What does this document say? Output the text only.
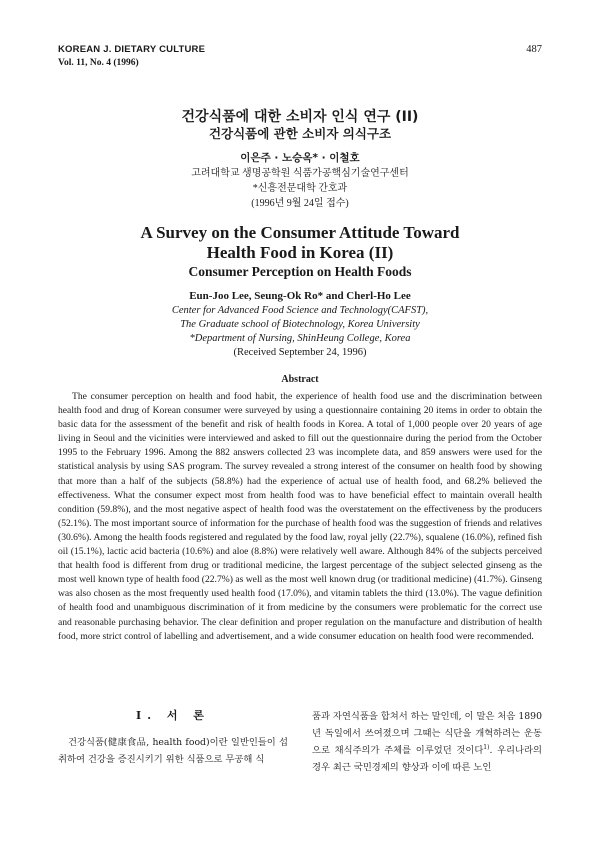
KOREAN J. DIETARY CULTURE
Vol. 11, No. 4 (1996)
487
건강식품에 대한 소비자 인식 연구 (II)
건강식품에 관한 소비자 의식구조
이은주 · 노승옥* · 이철호
고려대학교 생명공학원 식품가공핵심기술연구센터
*신흥전문대학 간호과
(1996년 9월 24일 접수)
A Survey on the Consumer Attitude Toward
Health Food in Korea (II)
Consumer Perception on Health Foods
Eun-Joo Lee, Seung-Ok Ro* and Cherl-Ho Lee
Center for Advanced Food Science and Technology(CAFST),
The Graduate school of Biotechnology, Korea University
*Department of Nursing, ShinHeung College, Korea
(Received September 24, 1996)
Abstract

The consumer perception on health and food habit, the experience of health food use and the discrimination between health food and drug of Korean consumer were surveyed by using a questionnaire containing 20 items in order to obtain the basic data for the assessment of the benefit and risk of health foods in Korea. A total of 1,000 people over 20 years of age living in Seoul and the vicinities were interviewed and asked to fill out the questionnaire during the period from the October 1995 to the February 1996. Among the 882 answers collected 23 was incomplete data, and 859 answers were used for the statistical analysis by using SAS program. The survey revealed a strong interest of the consumer on health food by showing that more than a half of the subjects (58.8%) had the experience of actual use of health food, and 68.2% believed the effectiveness. What the consumer expect most from health food was to have beneficial effect to maintain overall health condition (59.8%), and the most negative aspect of health food was the overstatement on the effectiveness by the producers (52.1%). The most important source of information for the purchase of health food was the suggestion of friends and relatives (30.6%). Among the health foods registered and regulated by the food law, royal jelly (22.7%), squalene (16.0%), refined fish oil (15.1%), lactic acid bacteria (10.6%) and aloe (8.8%) were relatively well aware. Although 84% of the subjects perceived that health food is different from drug or traditional medicine, the largest percentage of the subject selected ginseng as the most well known type of health food (22.7%) as well as the most well known drug (or traditional medicine) (41.7%). Ginseng was also chosen as the most frequently used health food (17.0%), and vitamin tablets the third (13.0%). The vague definition of health food and unambiguous discrimination of it from medicine by the consumers were problematic for the correct use and reasonable purchasing behavior. The clear definition and proper regulation on the manufacture and distribution of health food, more strict control of labelling and advertisement, and a wide consumer education on health food were recommended.

I. 서 론

건강식품(健康食品, health food)이란 일반인들이 섭취하여 건강을 증진시키기 위한 식품으로 무공해 식

품과 자연식품을 합쳐서 하는 말인데, 이 말은 처음 1890년 독일에서 쓰여졌으며 그때는 식단을 개혁하려는 운동으로 채식주의가 주체를 이루었던 것이다$^{1)}$. 우리나라의 경우 최근 국민경제의 향상과 이에 따른 노인
